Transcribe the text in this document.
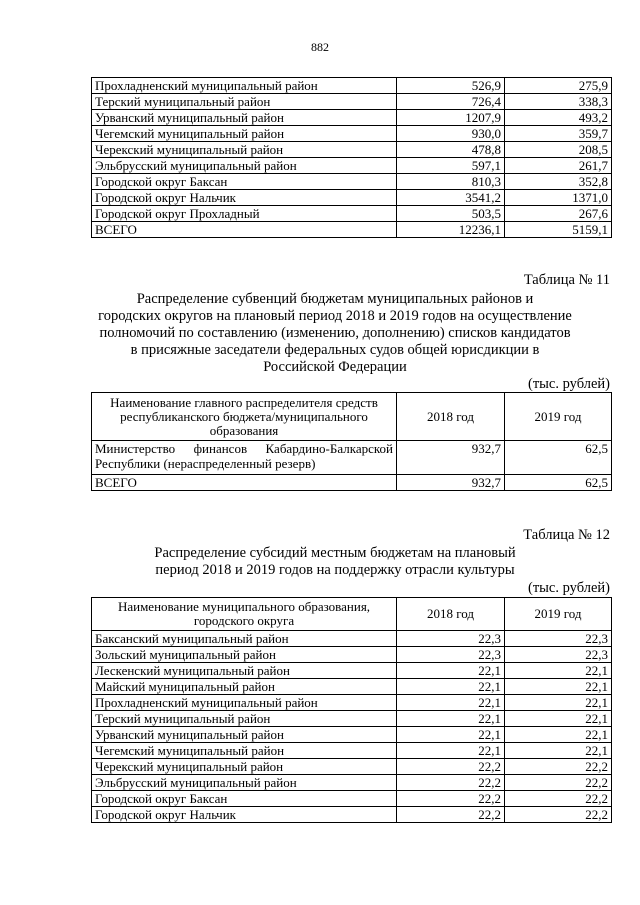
882
Прохладненский муниципальный район	526,9	275,9
Терский муниципальный район	726,4	338,3
Урванский муниципальный район	1207,9	493,2
Чегемский муниципальный район	930,0	359,7
Черекский муниципальный район	478,8	208,5
Эльбрусский муниципальный район	597,1	261,7
Городской округ Баксан	810,3	352,8
Городской округ Нальчик	3541,2	1371,0
Городской округ Прохладный	503,5	267,6
ВСЕГО	12236,1	5159,1
Таблица № 11
Распределение субвенций бюджетам муниципальных районов и
городских округов на плановый период 2018 и 2019 годов на осуществление
полномочий по составлению (изменению, дополнению) списков кандидатов
в присяжные заседатели федеральных судов общей юрисдикции в
Российской Федерации
(тыс. рублей)
Наименование главного распределителя средств республиканского бюджета/муниципального образования	2018 год	2019 год
Министерство финансов Кабардино-Балкарской Республики (нераспределенный резерв)	932,7	62,5
ВСЕГО	932,7	62,5
Таблица № 12
Распределение субсидий местным бюджетам на плановый
период 2018 и 2019 годов на поддержку отрасли культуры
(тыс. рублей)
Наименование муниципального образования, городского округа	2018 год	2019 год
Баксанский муниципальный район	22,3	22,3
Зольский муниципальный район	22,3	22,3
Лескенский муниципальный район	22,1	22,1
Майский муниципальный район	22,1	22,1
Прохладненский муниципальный район	22,1	22,1
Терский муниципальный район	22,1	22,1
Урванский муниципальный район	22,1	22,1
Чегемский муниципальный район	22,1	22,1
Черекский муниципальный район	22,2	22,2
Эльбрусский муниципальный район	22,2	22,2
Городской округ Баксан	22,2	22,2
Городской округ Нальчик	22,2	22,2
